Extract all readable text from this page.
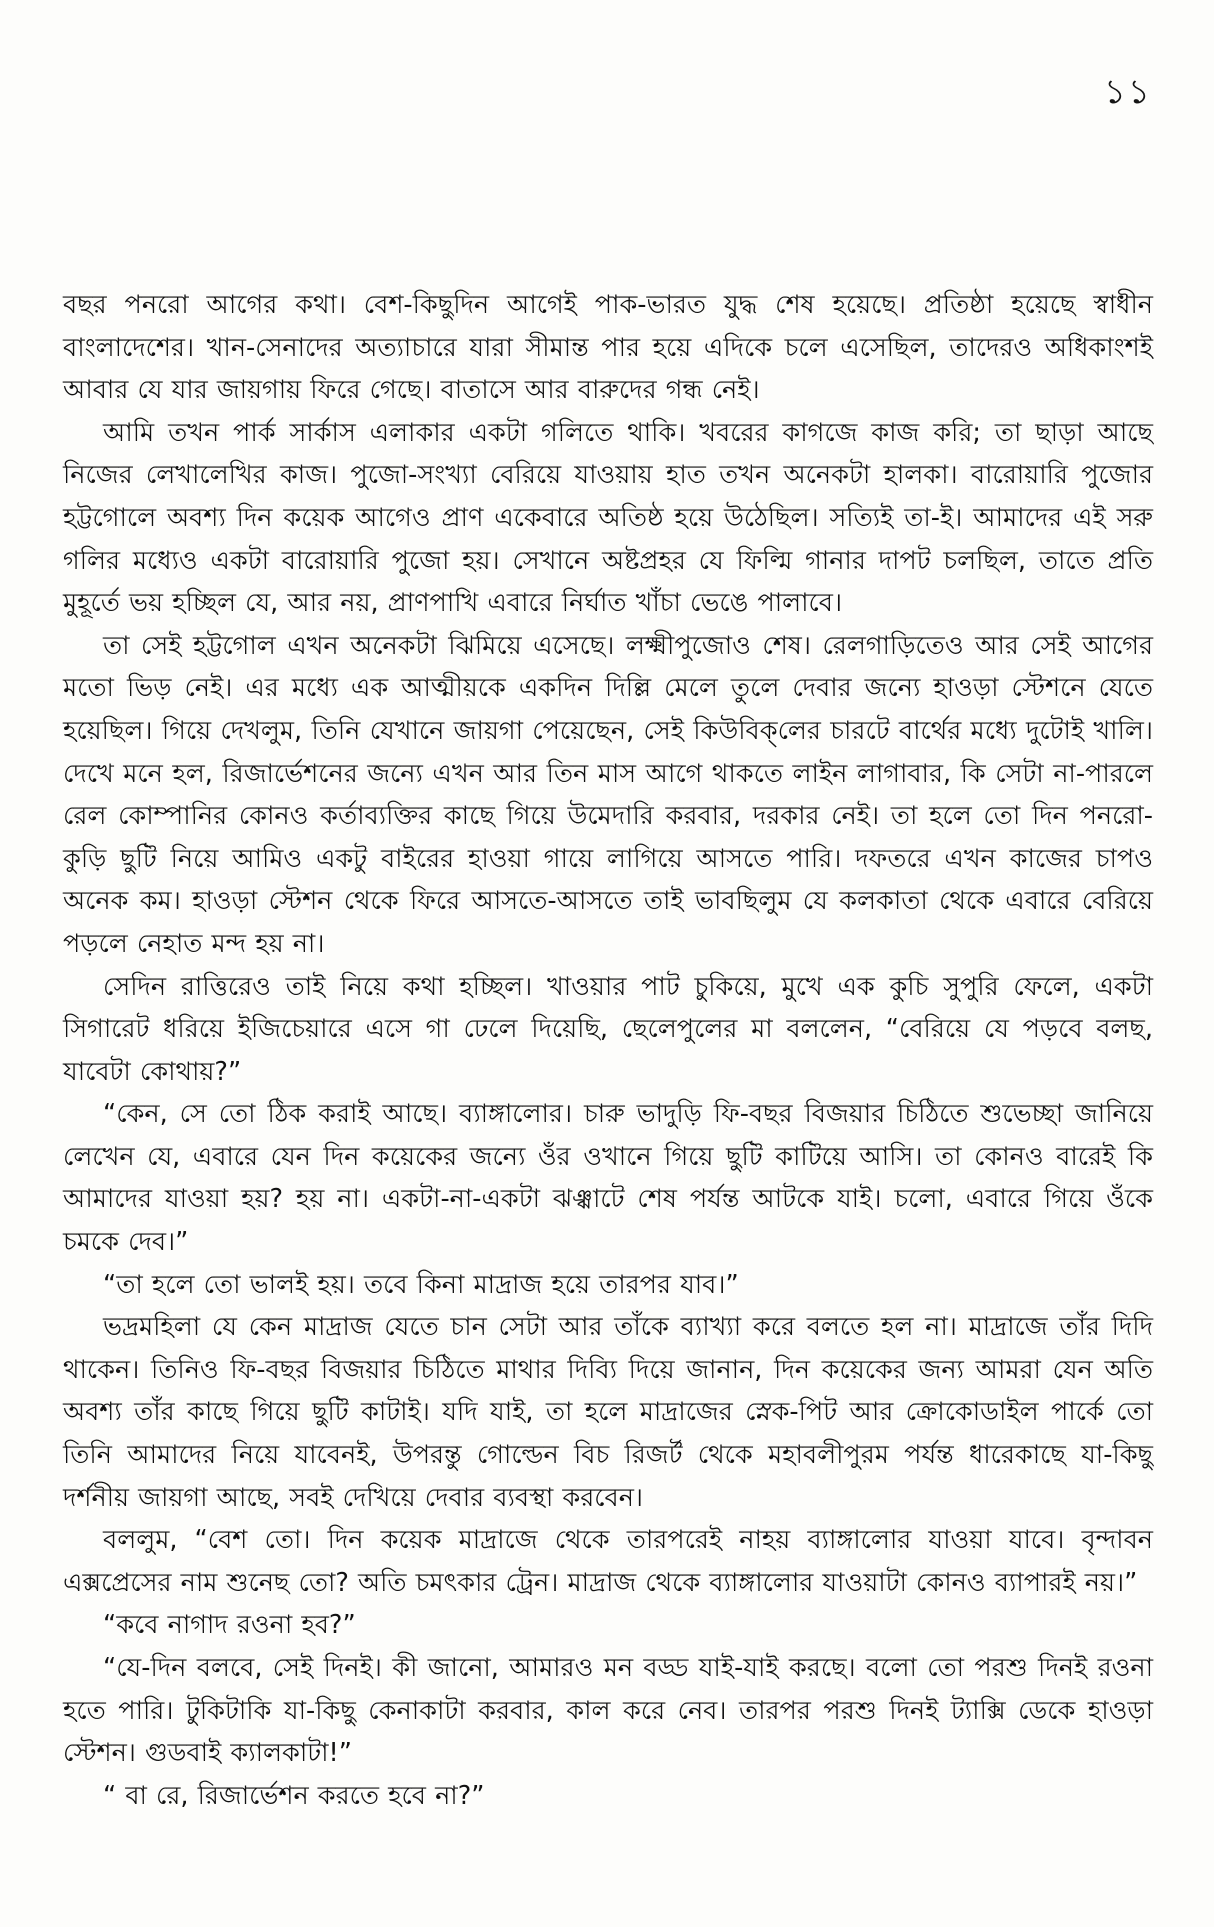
১১

বছর পনরো আগের কথা। বেশ-কিছুদিন আগেই পাক-ভারত যুদ্ধ শেষ হয়েছে। প্রতিষ্ঠা হয়েছে স্বাধীন বাংলাদেশের। খান-সেনাদের অত্যাচারে যারা সীমান্ত পার হয়ে এদিকে চলে এসেছিল, তাদেরও অধিকাংশই আবার যে যার জায়গায় ফিরে গেছে। বাতাসে আর বারুদের গন্ধ নেই।

আমি তখন পার্ক সার্কাস এলাকার একটা গলিতে থাকি। খবরের কাগজে কাজ করি; তা ছাড়া আছে নিজের লেখালেখির কাজ। পুজো-সংখ্যা বেরিয়ে যাওয়ায় হাত তখন অনেকটা হালকা। বারোয়ারি পুজোর হট্টগোলে অবশ্য দিন কয়েক আগেও প্রাণ একেবারে অতিষ্ঠ হয়ে উঠেছিল। সত্যিই তা-ই। আমাদের এই সরু গলির মধ্যেও একটা বারোয়ারি পুজো হয়। সেখানে অষ্টপ্রহর যে ফিল্মি গানার দাপট চলছিল, তাতে প্রতি মুহূর্তে ভয় হচ্ছিল যে, আর নয়, প্রাণপাখি এবারে নির্ঘাত খাঁচা ভেঙে পালাবে।

তা সেই হট্টগোল এখন অনেকটা ঝিমিয়ে এসেছে। লক্ষ্মীপুজোও শেষ। রেলগাড়িতেও আর সেই আগের মতো ভিড় নেই। এর মধ্যে এক আত্মীয়কে একদিন দিল্লি মেলে তুলে দেবার জন্যে হাওড়া স্টেশনে যেতে হয়েছিল। গিয়ে দেখলুম, তিনি যেখানে জায়গা পেয়েছেন, সেই কিউবিক্‌লের চারটে বার্থের মধ্যে দুটোই খালি। দেখে মনে হল, রিজার্ভেশনের জন্যে এখন আর তিন মাস আগে থাকতে লাইন লাগাবার, কি সেটা না-পারলে রেল কোম্পানির কোনও কর্তাব্যক্তির কাছে গিয়ে উমেদারি করবার, দরকার নেই। তা হলে তো দিন পনরো-কুড়ি ছুটি নিয়ে আমিও একটু বাইরের হাওয়া গায়ে লাগিয়ে আসতে পারি। দফতরে এখন কাজের চাপও অনেক কম। হাওড়া স্টেশন থেকে ফিরে আসতে-আসতে তাই ভাবছিলুম যে কলকাতা থেকে এবারে বেরিয়ে পড়লে নেহাত মন্দ হয় না।

সেদিন রাত্তিরেও তাই নিয়ে কথা হচ্ছিল। খাওয়ার পাট চুকিয়ে, মুখে এক কুচি সুপুরি ফেলে, একটা সিগারেট ধরিয়ে ইজিচেয়ারে এসে গা ঢেলে দিয়েছি, ছেলেপুলের মা বললেন, “বেরিয়ে যে পড়বে বলছ, যাবেটা কোথায়?”

“কেন, সে তো ঠিক করাই আছে। ব্যাঙ্গালোর। চারু ভাদুড়ি ফি-বছর বিজয়ার চিঠিতে শুভেচ্ছা জানিয়ে লেখেন যে, এবারে যেন দিন কয়েকের জন্যে ওঁর ওখানে গিয়ে ছুটি কাটিয়ে আসি। তা কোনও বারেই কি আমাদের যাওয়া হয়? হয় না। একটা-না-একটা ঝঞ্ঝাটে শেষ পর্যন্ত আটকে যাই। চলো, এবারে গিয়ে ওঁকে চমকে দেব।”

“তা হলে তো ভালই হয়। তবে কিনা মাদ্রাজ হয়ে তারপর যাব।”

ভদ্রমহিলা যে কেন মাদ্রাজ যেতে চান সেটা আর তাঁকে ব্যাখ্যা করে বলতে হল না। মাদ্রাজে তাঁর দিদি থাকেন। তিনিও ফি-বছর বিজয়ার চিঠিতে মাথার দিব্যি দিয়ে জানান, দিন কয়েকের জন্য আমরা যেন অতি অবশ্য তাঁর কাছে গিয়ে ছুটি কাটাই। যদি যাই, তা হলে মাদ্রাজের স্নেক-পিট আর ক্রোকোডাইল পার্কে তো তিনি আমাদের নিয়ে যাবেনই, উপরন্তু গোল্ডেন বিচ রিজর্ট থেকে মহাবলীপুরম পর্যন্ত ধারেকাছে যা-কিছু দর্শনীয় জায়গা আছে, সবই দেখিয়ে দেবার ব্যবস্থা করবেন।

বললুম, “বেশ তো। দিন কয়েক মাদ্রাজে থেকে তারপরেই নাহয় ব্যাঙ্গালোর যাওয়া যাবে। বৃন্দাবন এক্সপ্রেসের নাম শুনেছ তো? অতি চমৎকার ট্রেন। মাদ্রাজ থেকে ব্যাঙ্গালোর যাওয়াটা কোনও ব্যাপারই নয়।”

“কবে নাগাদ রওনা হব?”

“যে-দিন বলবে, সেই দিনই। কী জানো, আমারও মন বড্ড যাই-যাই করছে। বলো তো পরশু দিনই রওনা হতে পারি। টুকিটাকি যা-কিছু কেনাকাটা করবার, কাল করে নেব। তারপর পরশু দিনই ট্যাক্সি ডেকে হাওড়া স্টেশন। গুডবাই ক্যালকাটা!”

“ বা রে, রিজার্ভেশন করতে হবে না?”
